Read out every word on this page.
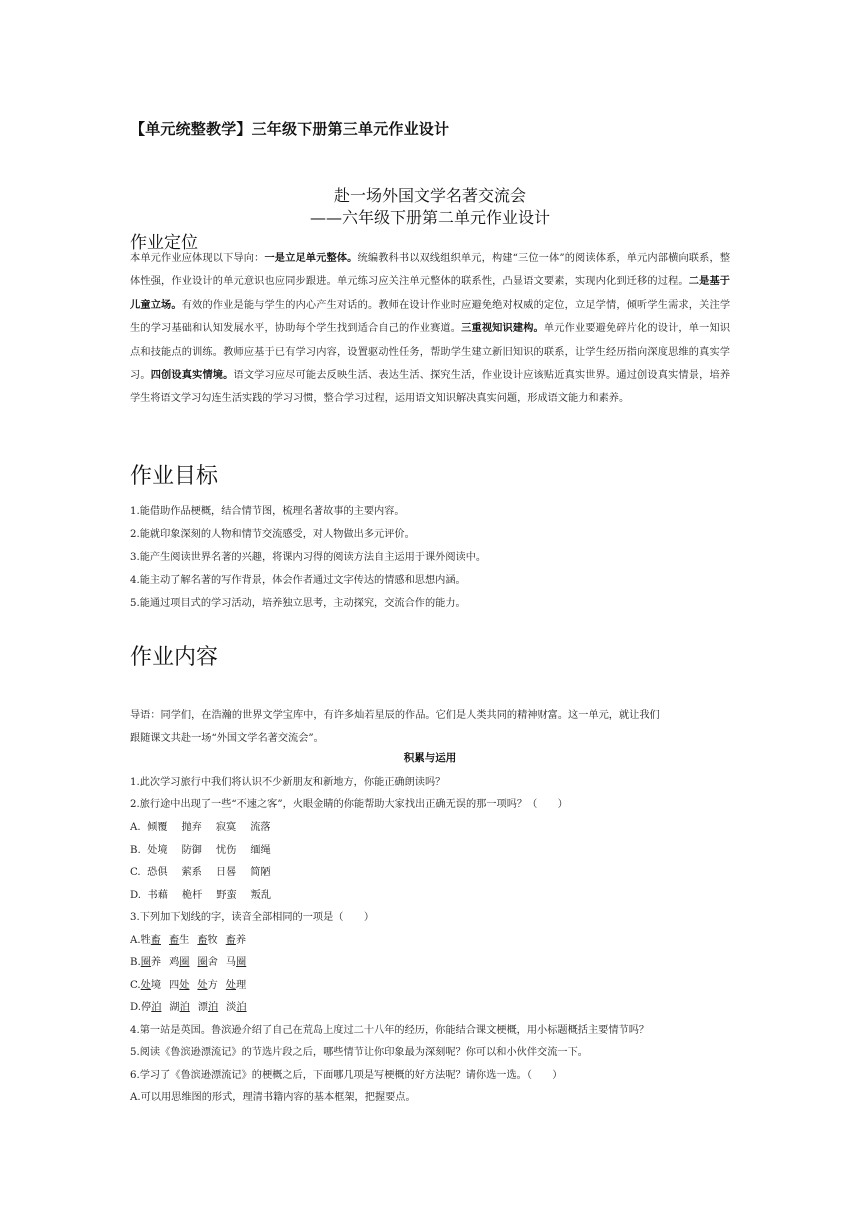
【单元统整教学】三年级下册第三单元作业设计
赴一场外国文学名著交流会
——六年级下册第二单元作业设计
作业定位
本单元作业应体现以下导向：一是立足单元整体。统编教科书以双线组织单元，构建“三位一体”的阅读体系，单元内部横向联系，整体性强，作业设计的单元意识也应同步跟进。单元练习应关注单元整体的联系性，凸显语文要素，实现内化到迁移的过程。二是基于儿童立场。有效的作业是能与学生的内心产生对话的。教师在设计作业时应避免绝对权威的定位，立足学情，倾听学生需求，关注学生的学习基础和认知发展水平，协助每个学生找到适合自己的作业赛道。三重视知识建构。单元作业要避免碎片化的设计，单一知识点和技能点的训练。教师应基于已有学习内容，设置驱动性任务，帮助学生建立新旧知识的联系，让学生经历指向深度思维的真实学习。四创设真实情境。语文学习应尽可能去反映生活、表达生活、探究生活，作业设计应该贴近真实世界。通过创设真实情景，培养学生将语文学习勾连生活实践的学习习惯，整合学习过程，运用语文知识解决真实问题，形成语文能力和素养。
作业目标
1.能借助作品梗概，结合情节图，梳理名著故事的主要内容。
2.能就印象深刻的人物和情节交流感受，对人物做出多元评价。
3.能产生阅读世界名著的兴趣，将课内习得的阅读方法自主运用于课外阅读中。
4.能主动了解名著的写作背景，体会作者通过文字传达的情感和思想内涵。
5.能通过项目式的学习活动，培养独立思考，主动探究，交流合作的能力。
作业内容
导语：同学们，在浩瀚的世界文学宝库中，有许多灿若星辰的作品。它们是人类共同的精神财富。这一单元，就让我们
跟随课文共赴一场“外国文学名著交流会”。
积累与运用
1.此次学习旅行中我们将认识不少新朋友和新地方，你能正确朗读吗？
2.旅行途中出现了一些“不速之客”，火眼金睛的你能帮助大家找出正确无误的那一项吗？（　　）
A. 倾覆 抛弃 寂寞 流落
B. 处境 防御 忧伤 缅绳
C. 恐俱 萦系 日晷 简陋
D. 书藉 桅杆 野蛮 叛乱
3.下列加下划线的字，读音全部相同的一项是（　　）
A.牲畜 畜生 畜牧 畜养
B.圈养 鸡圈 圈舍 马圈
C.处境 四处 处方 处理
D.停泊 湖泊 漂泊 淡泊
4.第一站是英国。鲁滨逊介绍了自己在荒岛上度过二十八年的经历，你能结合课文梗概，用小标题概括主要情节吗？
5.阅读《鲁滨逊漂流记》的节选片段之后，哪些情节让你印象最为深刻呢？你可以和小伙伴交流一下。
6.学习了《鲁滨逊漂流记》的梗概之后，下面哪几项是写梗概的好方法呢？请你选一选。（　　）
A.可以用思维图的形式，理清书籍内容的基本框架，把握要点。
